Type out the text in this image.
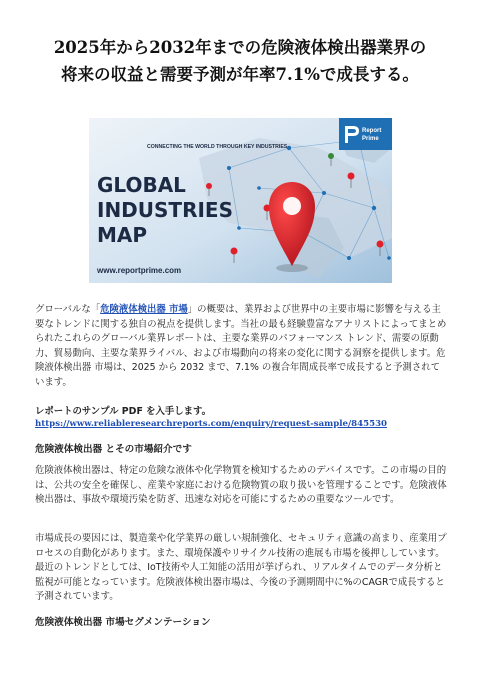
2025年から2032年までの危険液体検出器業界の
将来の収益と需要予測が年率7.1%で成長する。
CONNECTING THE WORLD THROUGH KEY INDUSTRIES
GLOBAL
INDUSTRIES
MAP
www.reportprime.com
Report
Prime

グローバルな「危険液体検出器 市場」の概要は、業界および世界中の主要市場に影響を与える主要なトレンドに関する独自の視点を提供します。当社の最も経験豊富なアナリストによってまとめられたこれらのグローバル業界レポートは、主要な業界のパフォーマンス トレンド、需要の原動力、貿易動向、主要な業界ライバル、および市場動向の将来の変化に関する洞察を提供します。危険液体検出器 市場は、2025 から 2032 まで、7.1% の複合年間成長率で成長すると予測されています。

レポートのサンプル PDF を入手します。

https://www.reliableresearchreports.com/enquiry/request-sample/845530
危険液体検出器 とその市場紹介です

危険液体検出器は、特定の危険な液体や化学物質を検知するためのデバイスです。この市場の目的は、公共の安全を確保し、産業や家庭における危険物質の取り扱いを管理することです。危険液体検出器は、事故や環境汚染を防ぎ、迅速な対応を可能にするための重要なツールです。

市場成長の要因には、製造業や化学業界の厳しい規制強化、セキュリティ意識の高まり、産業用プロセスの自動化があります。また、環境保護やリサイクル技術の進展も市場を後押ししています。最近のトレンドとしては、IoT技術や人工知能の活用が挙げられ、リアルタイムでのデータ分析と監視が可能となっています。危険液体検出器市場は、今後の予測期間中に%のCAGRで成長すると予測されています。

危険液体検出器 市場セグメンテーション
